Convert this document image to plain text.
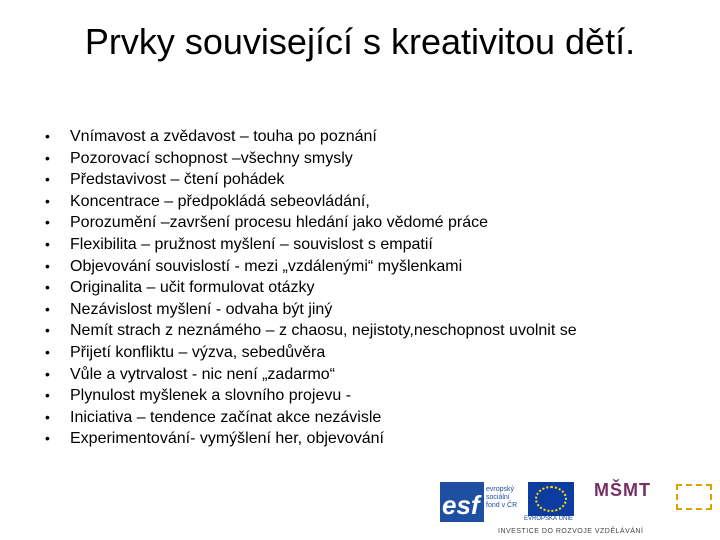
Prvky související s kreativitou dětí.
• Vnímavost a zvědavost – touha po poznání
• Pozorovací schopnost –všechny smysly
• Představivost – čtení pohádek
• Koncentrace – předpokládá sebeovládání,
• Porozumění –završení procesu hledání jako vědomé práce
• Flexibilita – pružnost myšlení – souvislost s empatií
• Objevování souvislostí - mezi „vzdálenými“ myšlenkami
• Originalita – učit formulovat otázky
• Nezávislost myšlení - odvaha být jiný
• Nemít strach z neznámého – z chaosu, nejistoty,neschopnost uvolnit se
• Přijetí konfliktu – výzva, sebedůvěra
• Vůle a vytrvalost - nic není „zadarmo“
• Plynulost myšlenek a slovního projevu -
• Iniciativa – tendence začínat akce nezávisle
• Experimentování- vymýšlení her, objevování
esf
evropský sociální fond v ČR
EVROPSKÁ UNIE
MŠMT
INVESTICE DO ROZVOJE VZDĚLÁVÁNÍ
